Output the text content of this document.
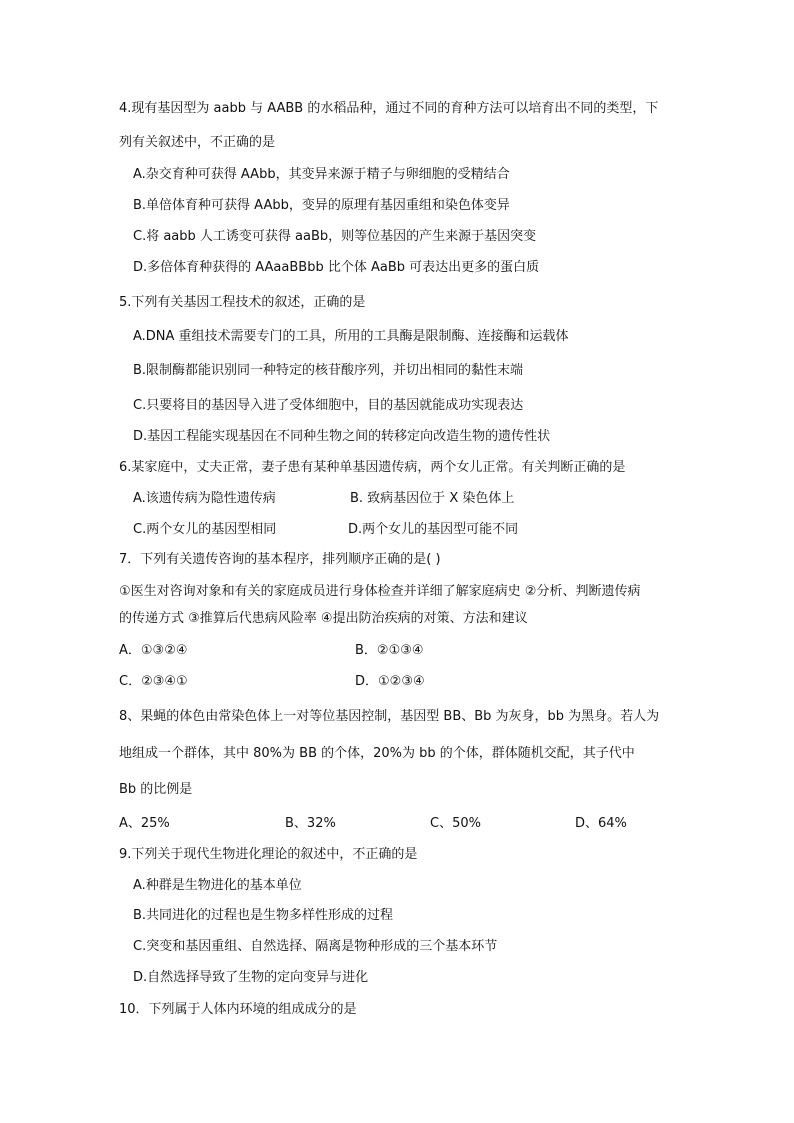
4.现有基因型为 aabb 与 AABB 的水稻品种，通过不同的育种方法可以培育出不同的类型，下
列有关叙述中，不正确的是
A.杂交育种可获得 AAbb，其变异来源于精子与卵细胞的受精结合
B.单倍体育种可获得 AAbb，变异的原理有基因重组和染色体变异
C.将 aabb 人工诱变可获得 aaBb，则等位基因的产生来源于基因突变
D.多倍体育种获得的 AAaaBBbb 比个体 AaBb 可表达出更多的蛋白质
5.下列有关基因工程技术的叙述，正确的是
A.DNA 重组技术需要专门的工具，所用的工具酶是限制酶、连接酶和运载体
B.限制酶都能识别同一种特定的核苷酸序列，并切出相同的黏性末端
C.只要将目的基因导入进了受体细胞中，目的基因就能成功实现表达
D.基因工程能实现基因在不同种生物之间的转移定向改造生物的遗传性状
6.某家庭中，丈夫正常，妻子患有某种单基因遗传病，两个女儿正常。有关判断正确的是
A.该遗传病为隐性遗传病	B. 致病基因位于 X 染色体上
C.两个女儿的基因型相同	D.两个女儿的基因型可能不同
7．下列有关遗传咨询的基本程序，排列顺序正确的是( )
①医生对咨询对象和有关的家庭成员进行身体检查并详细了解家庭病史 ②分析、判断遗传病
的传递方式 ③推算后代患病风险率 ④提出防治疾病的对策、方法和建议
A．①③②④	B．②①③④
C．②③④①	D．①②③④
8、果蝇的体色由常染色体上一对等位基因控制，基因型 BB、Bb 为灰身，bb 为黑身。若人为
地组成一个群体，其中 80%为 BB 的个体，20%为 bb 的个体，群体随机交配，其子代中
Bb 的比例是
A、25%	B、32%	C、50%	D、64%
9.下列关于现代生物进化理论的叙述中，不正确的是
A.种群是生物进化的基本单位
B.共同进化的过程也是生物多样性形成的过程
C.突变和基因重组、自然选择、隔离是物种形成的三个基本环节
D.自然选择导致了生物的定向变异与进化
10．下列属于人体内环境的组成成分的是
